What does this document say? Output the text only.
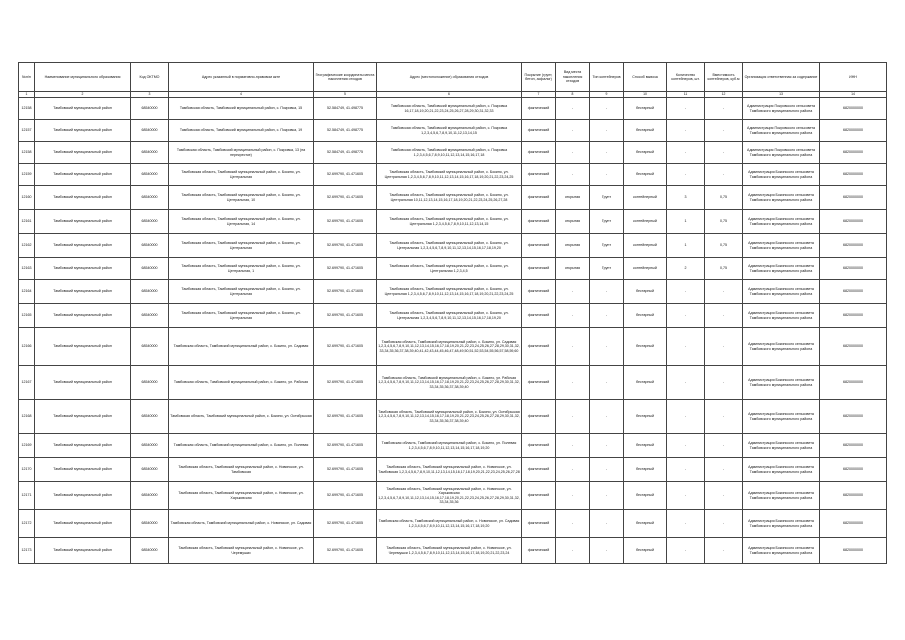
№п/п	Наименование муниципального образования	Код ОКТМО	Адрес указанный в нормативно-правовом акте	Географические координаты места накопления отходов	Адрес (местоположение) образования отходов	Покрытие (грунт, бетон, асфальт)	Вид места накопления отходов	Тип контейнеров	Способ вывоза	Количество контейнеров, шт.	Вместимость контейнеров, куб.м	Организация ответственная за содержание	ИНН
1	2	3	4	5	6	7	8	9	10	11	12	13	14
12158	Тамбовский муниципальный район	68540000	Тамбовская область, Тамбовский муниципальный район, с. Покровка, 15	52.584749, 41.498775	Тамбовская область, Тамбовский муниципальный район, с. Покровка 16,17,18,19,20,21,22,23,24,25,26,27,28,29,30,31,32,33	фактический	-	-	бестарный	-	-	Администрация Покровского сельсовета Тамбовского муниципального района	6820000000
12157	Тамбовский муниципальный район	68540000	Тамбовская область, Тамбовский муниципальный район, с. Покровка, 19	52.584749, 41.498775	Тамбовская область, Тамбовский муниципальный район, с. Покровка 1,2,3,4,5,6,7,8,9,10,11,12,13,14,15	фактический	-	-	бестарный	-	-	Администрация Покровского сельсовета Тамбовского муниципального района	6820000000
12158	Тамбовский муниципальный район	68540000	Тамбовская область, Тамбовский муниципальный район, с. Покровка, 13 (на перекрестке)	52.584749, 41.498775	Тамбовская область, Тамбовский муниципальный район, с. Покровка 1,2,3,4,5,6,7,8,9,10,11,12,13,14,15,16,17,18	фактический	-	-	бестарный	-	-	Администрация Покровского сельсовета Тамбовского муниципального района	6820000000
12159	Тамбовский муниципальный район	68540000	Тамбовская область, Тамбовский муниципальный район, с. Бокино, ул. Центральная	52.699790, 41.471605	Тамбовская область, Тамбовский муниципальный район, с. Бокино, ул. Центральная 1,2,3,4,5,6,7,8,9,10,11,12,13,14,15,16,17,18,19,20,21,22,23,24,25	фактический	-	-	бестарный	-	-	Администрация Бокинского сельсовета Тамбовского муниципального района	6820000000
12160	Тамбовский муниципальный район	68540000	Тамбовская область, Тамбовский муниципальный район, с. Бокино, ул. Центральная, 10	52.699790, 41.471605	Тамбовская область, Тамбовский муниципальный район, с. Бокино, ул. Центральная 10,11,12,13,14,15,16,17,18,19,20,21,22,23,24,25,26,27,28	фактический	открытая	Грунт	контейнерный	3	0,75	Администрация Бокинского сельсовета Тамбовского муниципального района	6820000000
12161	Тамбовский муниципальный район	68540000	Тамбовская область, Тамбовский муниципальный район, с. Бокино, ул. Центральная, 14	52.699790, 41.471605	Тамбовская область, Тамбовский муниципальный район, с. Бокино, ул. Центральная 1,2,3,4,5,6,7,8,9,10,11,12,13,14,15	фактический	открытая	Грунт	контейнерный	1	0,75	Администрация Бокинского сельсовета Тамбовского муниципального района	6820000000
12162	Тамбовский муниципальный район	68540000	Тамбовская область, Тамбовский муниципальный район, с. Бокино, ул. Центральная	52.699790, 41.471605	Тамбовская область, Тамбовский муниципальный район, с. Бокино, ул. Центральная 1,2,3,4,5,6,7,8,9,10,11,12,13,14,15,16,17,18,19,20	фактический	открытая	Грунт	контейнерный	1	0,75	Администрация Бокинского сельсовета Тамбовского муниципального района	6820000000
12163	Тамбовский муниципальный район	68540000	Тамбовская область, Тамбовский муниципальный район, с. Бокино, ул. Центральная, 1	52.699790, 41.471605	Тамбовская область, Тамбовский муниципальный район, с. Бокино, ул. Центральная 1,2,3,4,5	фактический	открытая	Грунт	контейнерный	2	0,75	Администрация Бокинского сельсовета Тамбовского муниципального района	6820000000
12164	Тамбовский муниципальный район	68540000	Тамбовская область, Тамбовский муниципальный район, с. Бокино, ул. Центральная	52.699790, 41.471605	Тамбовская область, Тамбовский муниципальный район, с. Бокино, ул. Центральная 1,2,3,4,5,6,7,8,9,10,11,12,13,14,15,16,17,18,19,20,21,22,23,24,25	фактический	-	-	бестарный	-	-	Администрация Бокинского сельсовета Тамбовского муниципального района	6820000000
12165	Тамбовский муниципальный район	68540000	Тамбовская область, Тамбовский муниципальный район, с. Бокино, ул. Центральная	52.699790, 41.471605	Тамбовская область, Тамбовский муниципальный район, с. Бокино, ул. Центральная 1,2,3,4,5,6,7,8,9,10,11,12,13,14,15,16,17,18,19,20	фактический	-	-	бестарный	-	-	Администрация Бокинского сельсовета Тамбовского муниципального района	6820000000
12166	Тамбовский муниципальный район	68540000	Тамбовская область, Тамбовский муниципальный район, с. Бокино, ул. Садовая	52.699790, 41.471605	Тамбовская область, Тамбовский муниципальный район, с. Бокино, ул. Садовая 1,2,3,4,5,6,7,8,9,10,11,12,13,14,15,16,17,18,19,20,21,22,23,24,25,26,27,28,29,30,31,32,33,34,35,36,37,38,39,40,41,42,43,44,45,46,47,48,49,50,51,52,53,54,55,56,57,58,59,60	фактический	-	-	бестарный	-	-	Администрация Бокинского сельсовета Тамбовского муниципального района	6820000000
12167	Тамбовский муниципальный район	68540000	Тамбовская область, Тамбовский муниципальный район, с. Бокино, ул. Рабочая	52.699790, 41.471605	Тамбовская область, Тамбовский муниципальный район, с. Бокино, ул. Рабочая 1,2,3,4,5,6,7,8,9,10,11,12,13,14,15,16,17,18,19,20,21,22,23,24,25,26,27,28,29,30,31,32,33,34,35,36,37,38,39,40	фактический	-	-	бестарный	-	-	Администрация Бокинского сельсовета Тамбовского муниципального района	6820000000
12168	Тамбовский муниципальный район	68540000	Тамбовская область, Тамбовский муниципальный район, с. Бокино, ул. Октябрьская	52.699790, 41.471605	Тамбовская область, Тамбовский муниципальный район, с. Бокино, ул. Октябрьская 1,2,3,4,5,6,7,8,9,10,11,12,13,14,15,16,17,18,19,20,21,22,23,24,25,26,27,28,29,30,31,32,33,34,35,36,37,38,39,40	фактический	-	-	бестарный	-	-	Администрация Бокинского сельсовета Тамбовского муниципального района	6820000000
12169	Тамбовский муниципальный район	68540000	Тамбовская область, Тамбовский муниципальный район, с. Бокино, ул. Полевая	52.699790, 41.471605	Тамбовская область, Тамбовский муниципальный район, с. Бокино, ул. Полевая 1,2,3,4,5,6,7,8,9,10,11,12,13,14,15,16,17,18,19,20	фактический	-	-	бестарный	-	-	Администрация Бокинского сельсовета Тамбовского муниципального района	6820000000
12170	Тамбовский муниципальный район	68540000	Тамбовская область, Тамбовский муниципальный район, с. Новинское, ул. Тамбовская	52.699790, 41.471605	Тамбовская область, Тамбовский муниципальный район, с. Новинское, ул. Тамбовская 1,2,3,4,5,6,7,8,9,10,11,12,13,14,15,16,17,18,19,20,21,22,23,24,25,26,27,28	фактический	-	-	бестарный	-	-	Администрация Бокинского сельсовета Тамбовского муниципального района	6820000000
12171	Тамбовский муниципальный район	68540000	Тамбовская область, Тамбовский муниципальный район, с. Новинское, ул. Харьковская	52.699790, 41.471605	Тамбовская область, Тамбовский муниципальный район, с. Новинское, ул. Харьковская 1,2,3,4,5,6,7,8,9,10,11,12,13,14,15,16,17,18,19,20,21,22,23,24,25,26,27,28,29,30,31,32,33,34,35,36	фактический	-	-	бестарный	-	-	Администрация Бокинского сельсовета Тамбовского муниципального района	6820000000
12172	Тамбовский муниципальный район	68540000	Тамбовская область, Тамбовский муниципальный район, с. Новинское, ул. Садовая	52.699790, 41.471605	Тамбовская область, Тамбовский муниципальный район, с. Новинское, ул. Садовая 1,2,3,4,5,6,7,8,9,10,11,12,13,14,15,16,17,18,19,20	фактический	-	-	бестарный	-	-	Администрация Бокинского сельсовета Тамбовского муниципального района	6820000000
12173	Тамбовский муниципальный район	68540000	Тамбовская область, Тамбовский муниципальный район, с. Новинское, ул. Черемушки	52.699790, 41.471605	Тамбовская область, Тамбовский муниципальный район, с. Новинское, ул. Черемушки 1,2,3,4,5,6,7,8,9,10,11,12,13,14,15,16,17,18,19,20,21,22,23,24	фактический	-	-	бестарный	-	-	Администрация Бокинского сельсовета Тамбовского муниципального района	6820000000
